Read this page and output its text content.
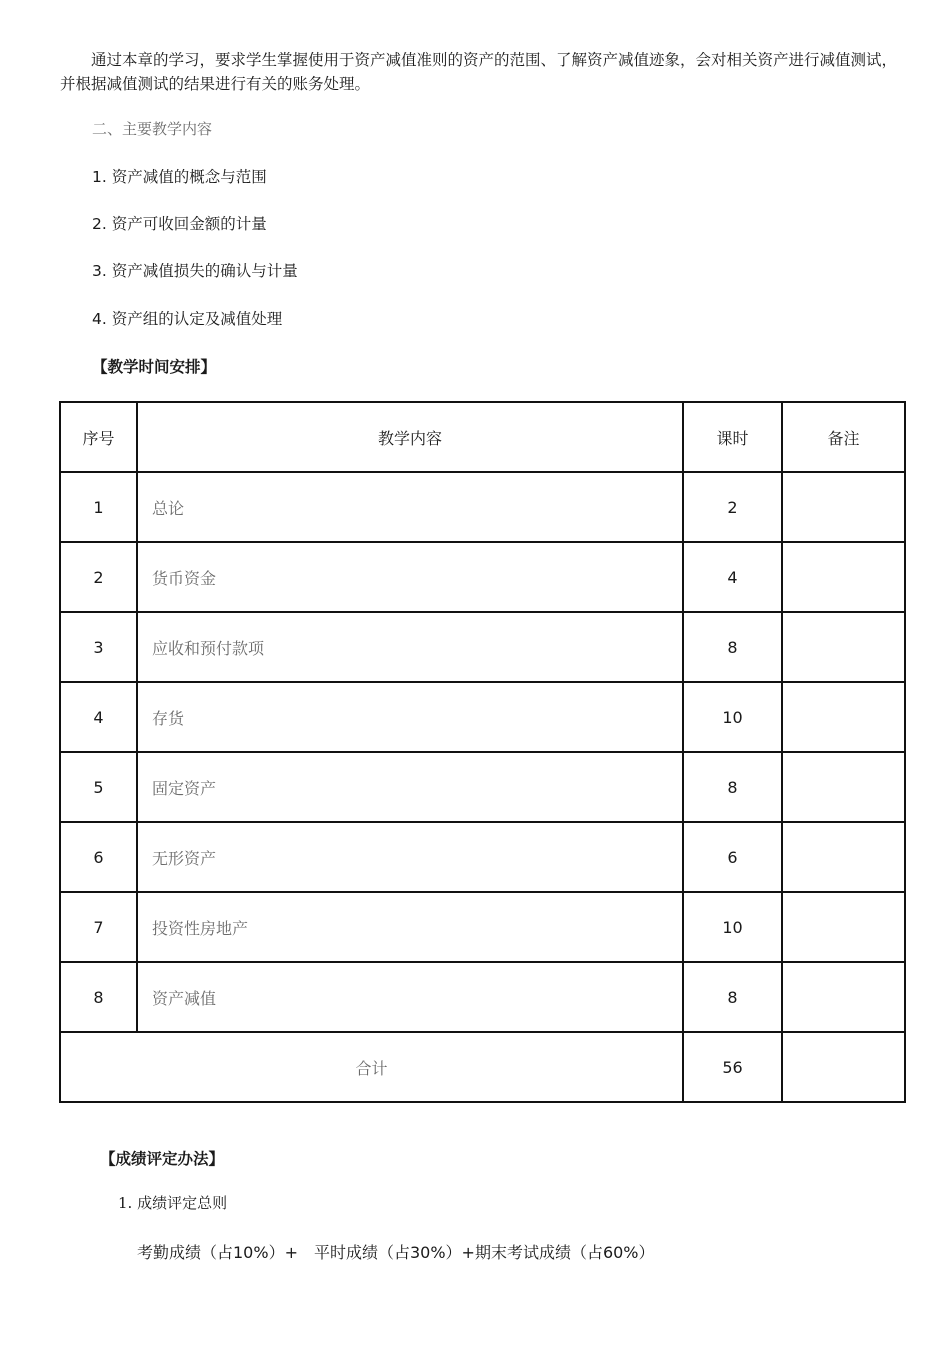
通过本章的学习，要求学生掌握使用于资产减值准则的资产的范围、了解资产减值迹象，会对相关资产进行减值测试，并根据减值测试的结果进行有关的账务处理。

二、主要教学内容
1. 资产减值的概念与范围
2. 资产可收回金额的计量
3. 资产减值损失的确认与计量
4. 资产组的认定及减值处理
【教学时间安排】
序号	教学内容	课时	备注
1	总论	2	
2	货币资金	4	
3	应收和预付款项	8	
4	存货	10	
5	固定资产	8	
6	无形资产	6	
7	投资性房地产	10	
8	资产减值	8	
合计		56	
【成绩评定办法】
1. 成绩评定总则
考勤成绩（占10%）+　平时成绩（占30%）+期末考试成绩（占60%）
